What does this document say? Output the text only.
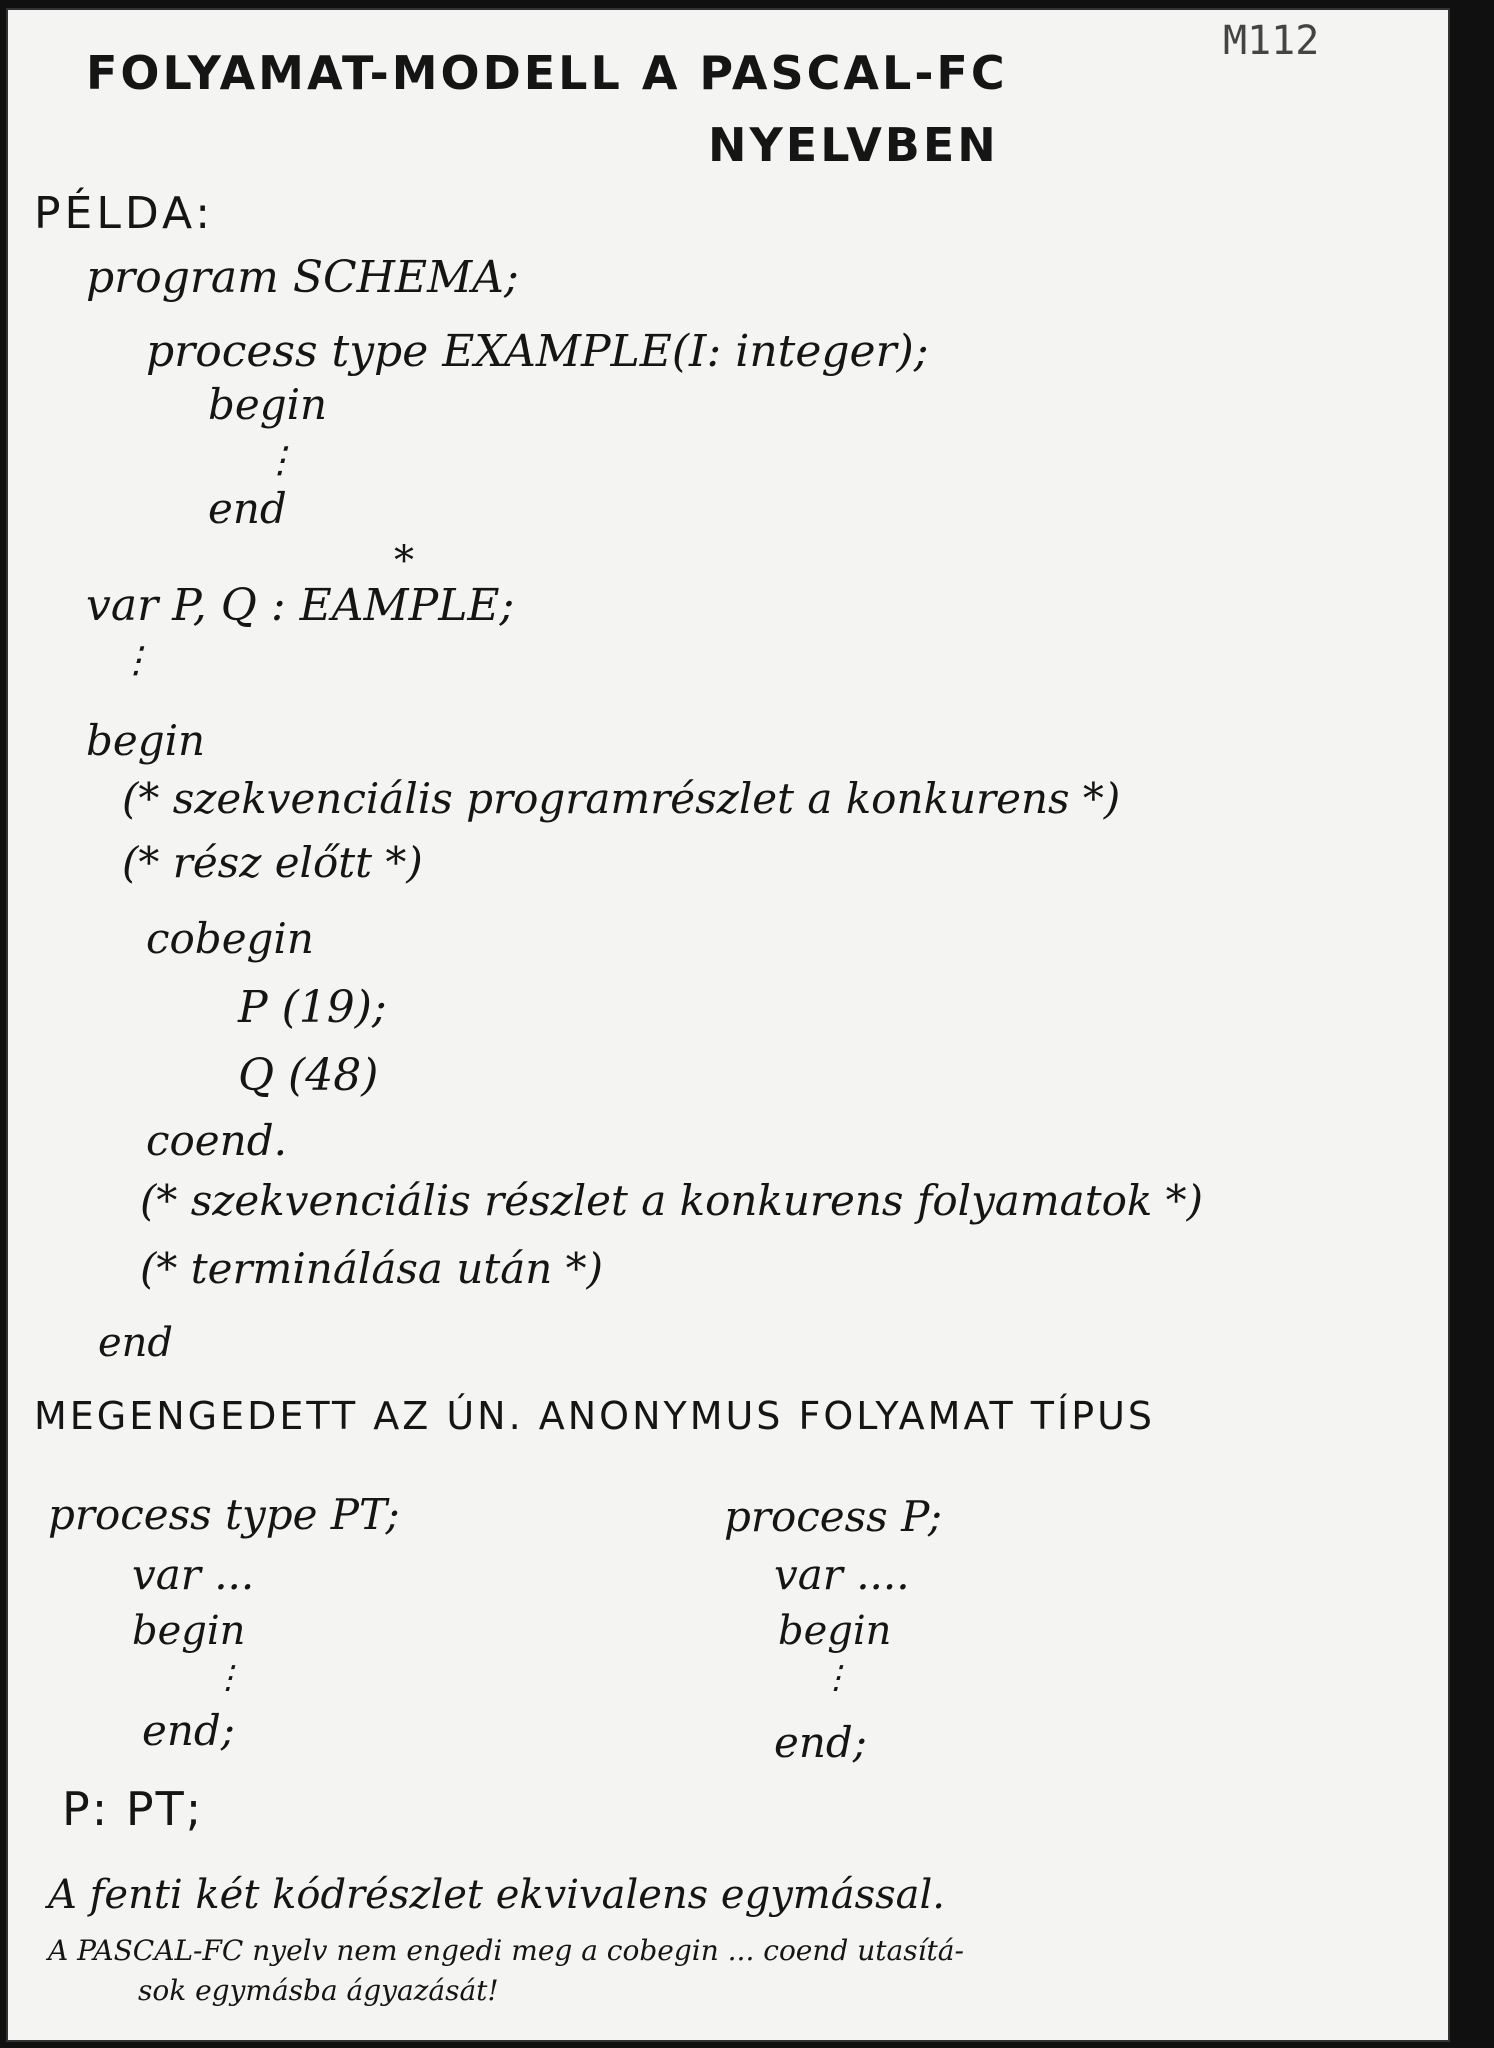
M112
FOLYAMAT-MODELL A PASCAL-FC
NYELVBEN
PÉLDA:
program SCHEMA;
process type EXAMPLE(I: integer);
begin
⋮
end
*
var P, Q : EAMPLE;
⋮
begin
(* szekvenciális programrészlet a konkurens *)
(* rész előtt *)
cobegin
P (19);
Q (48)
coend.
(* szekvenciális részlet a konkurens folyamatok *)
(* terminálása után *)
end
MEGENGEDETT AZ ÚN. ANONYMUS FOLYAMAT TÍPUS
process type PT;
var ...
begin
⋮
end;
P: PT;
process P;
var ....
begin
⋮
end;
A fenti két kódrészlet ekvivalens egymással.
A PASCAL-FC nyelv nem engedi meg a cobegin ... coend utasítá-
sok egymásba ágyazását!
